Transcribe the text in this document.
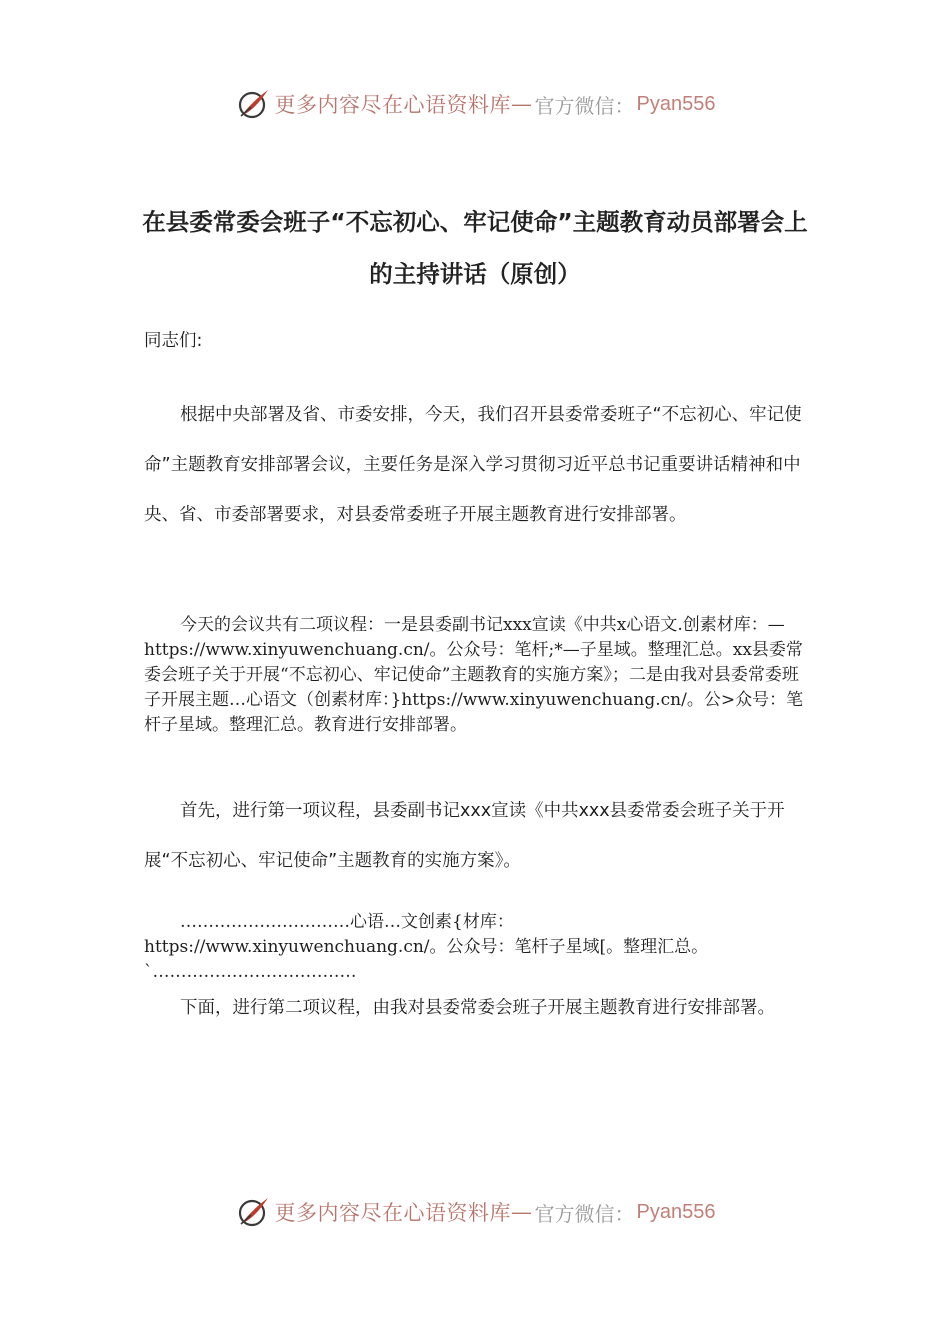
更多内容尽在心语资料库 — 官方微信： Pyan556
在县委常委会班子“不忘初心、牢记使命”主题教育动员部署会上的主持讲话（原创）

同志们:

根据中央部署及省、市委安排，今天，我们召开县委常委班子“不忘初心、牢记使命”主题教育安排部署会议，主要任务是深入学习贯彻习近平总书记重要讲话精神和中央、省、市委部署要求，对县委常委班子开展主题教育进行安排部署。

今天的会议共有二项议程：一是县委副书记xxx宣读《中共x心语文.创素材库：—https://www.xinyuwenchuang.cn/。公众号：笔杆;*—子星域。整理汇总。xx县委常委会班子关于开展“不忘初心、牢记使命”主题教育的实施方案》；二是由我对县委常委班子开展主题…心语文（创素材库：}https://www.xinyuwenchuang.cn/。公>众号：笔杆子星域。整理汇总。教育进行安排部署。

首先，进行第一项议程，县委副书记xxx宣读《中共xxx县委常委会班子关于开展“不忘初心、牢记使命”主题教育的实施方案》。

…………………………心语…文创素{材库：https://www.xinyuwenchuang.cn/。公众号：笔杆子星域[。整理汇总。`………………………………

下面，进行第二项议程，由我对县委常委会班子开展主题教育进行安排部署。

更多内容尽在心语资料库 — 官方微信： Pyan556
